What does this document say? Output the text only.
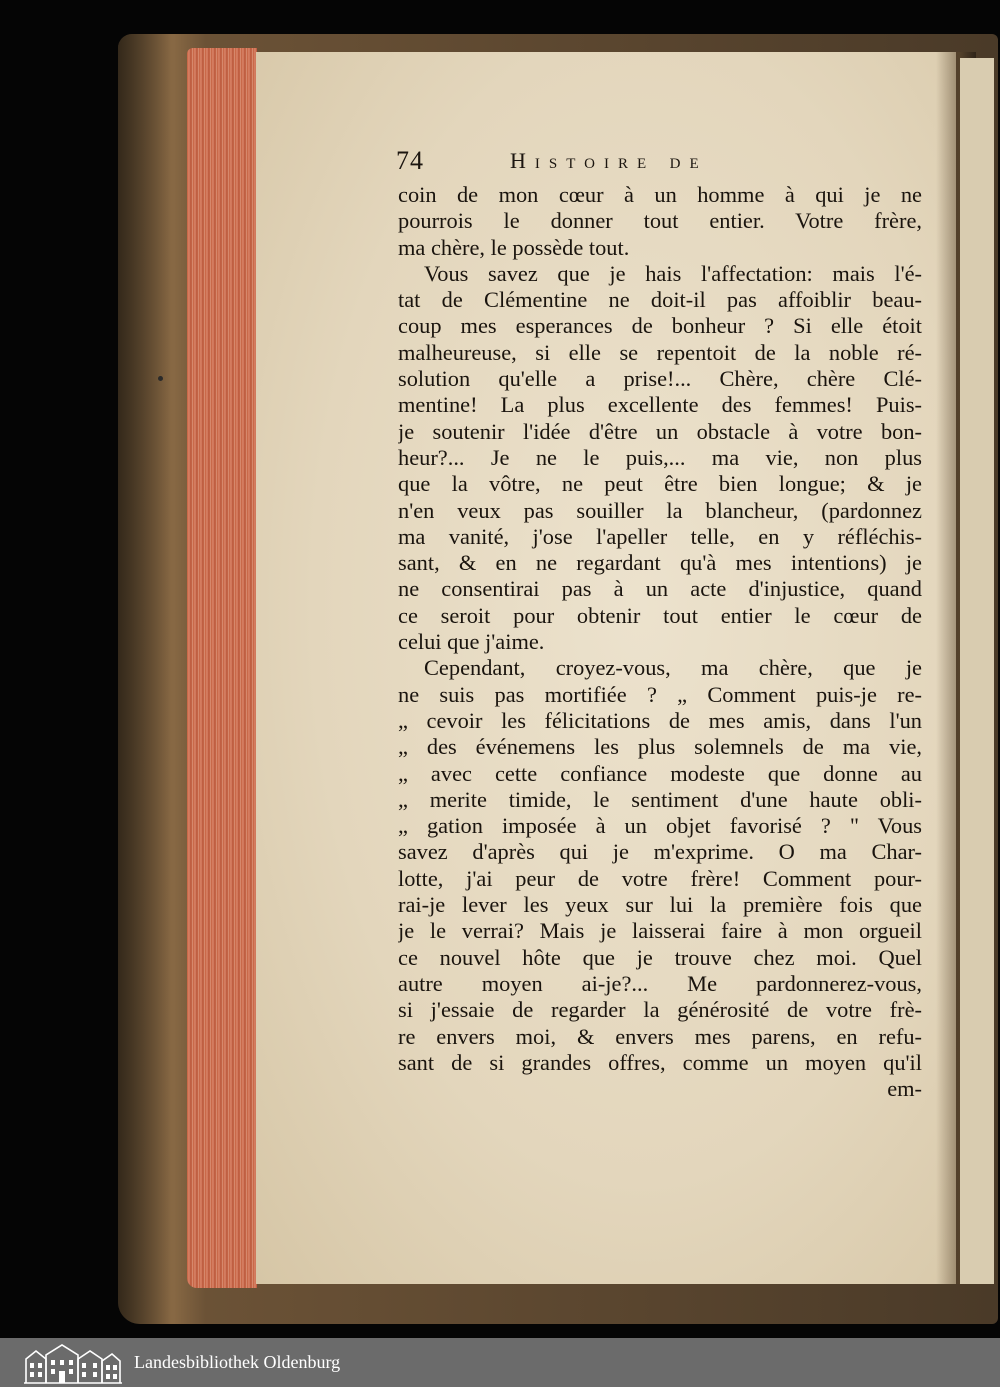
74	Histoire de
coin de mon cœur à un homme à qui je ne
pourrois le donner tout entier. Votre frère,
ma chère, le possède tout.
Vous savez que je hais l'affectation: mais l'é-
tat de Clémentine ne doit-il pas affoiblir beau-
coup mes esperances de bonheur ? Si elle étoit
malheureuse, si elle se repentoit de la noble ré-
solution qu'elle a prise!... Chère, chère Clé-
mentine! La plus excellente des femmes! Puis-
je soutenir l'idée d'être un obstacle à votre bon-
heur?... Je ne le puis,... ma vie, non plus
que la vôtre, ne peut être bien longue; & je
n'en veux pas souiller la blancheur, (pardonnez
ma vanité, j'ose l'apeller telle, en y réfléchis-
sant, & en ne regardant qu'à mes intentions) je
ne consentirai pas à un acte d'injustice, quand
ce seroit pour obtenir tout entier le cœur de
celui que j'aime.
Cependant, croyez-vous, ma chère, que je
ne suis pas mortifiée ? „ Comment puis-je re-
„ cevoir les félicitations de mes amis, dans l'un
„ des événemens les plus solemnels de ma vie,
„ avec cette confiance modeste que donne au
„ merite timide, le sentiment d'une haute obli-
„ gation imposée à un objet favorisé ? " Vous
savez d'après qui je m'exprime. O ma Char-
lotte, j'ai peur de votre frère! Comment pour-
rai-je lever les yeux sur lui la première fois que
je le verrai? Mais je laisserai faire à mon orgueil
ce nouvel hôte que je trouve chez moi. Quel
autre moyen ai-je?... Me pardonnerez-vous,
si j'essaie de regarder la générosité de votre frè-
re envers moi, & envers mes parens, en refu-
sant de si grandes offres, comme un moyen qu'il
em-
Landesbibliothek Oldenburg
